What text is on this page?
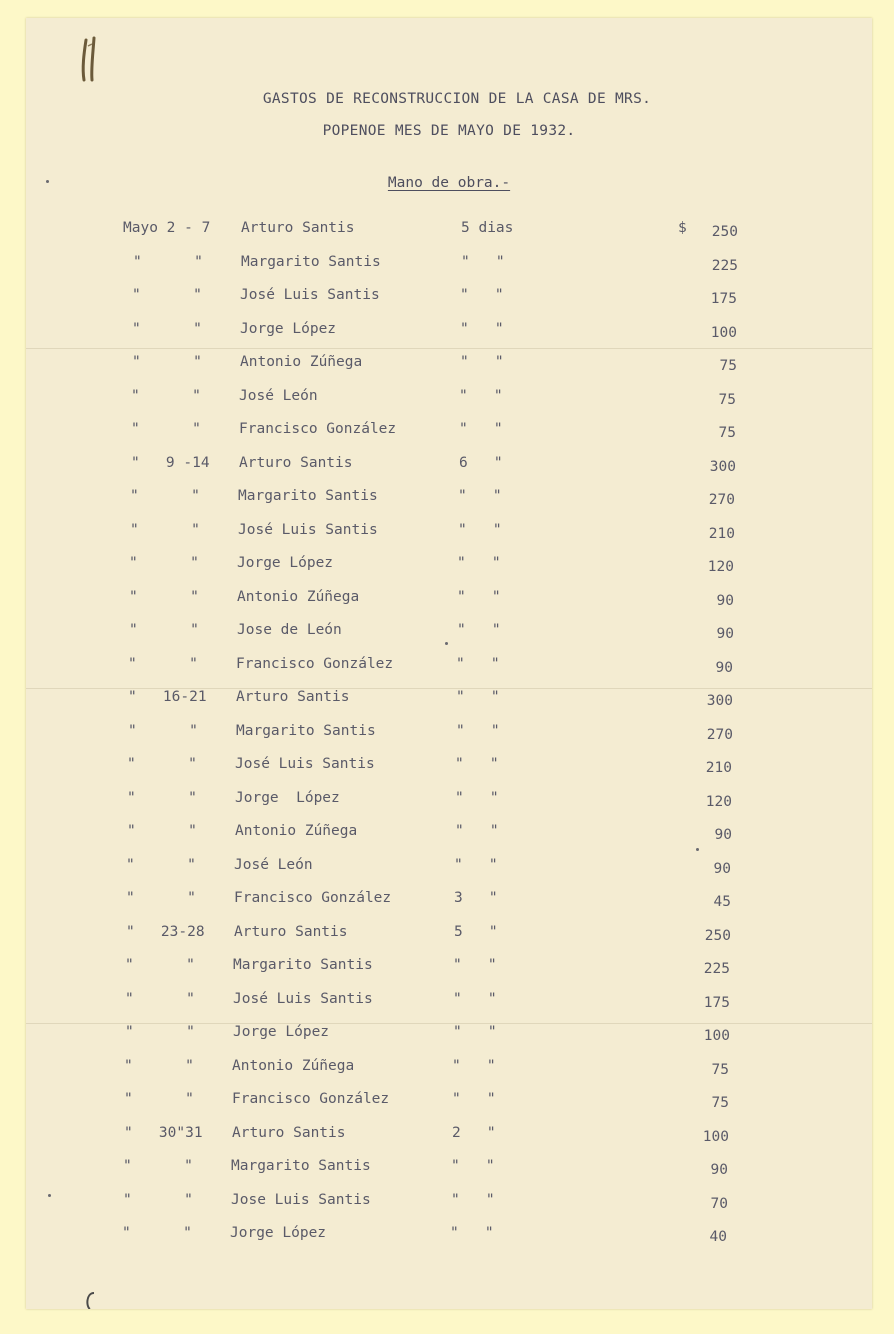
GASTOS DE RECONSTRUCCION DE LA CASA DE MRS.
POPENOE MES DE MAYO DE 1932.
Mano de obra.-
Mayo 2 - 7	Arturo Santis	5 dias	$	250
"      "	Margarito Santis	"   "	225
"      "	José Luis Santis	"   "	175
"      "	Jorge López	"   "	100
"      "	Antonio Zúñega	"   "	75
"      "	José León	"   "	75
"      "	Francisco González	"   "	75
"   9 -14	Arturo Santis	6   "	300
"      "	Margarito Santis	"   "	270
"      "	José Luis Santis	"   "	210
"      "	Jorge López	"   "	120
"      "	Antonio Zúñega	"   "	90
"      "	Jose de León	"   "	90
"      "	Francisco González	"   "	90
"   16-21	Arturo Santis	"   "	300
"      "	Margarito Santis	"   "	270
"      "	José Luis Santis	"   "	210
"      "	Jorge  López	"   "	120
"      "	Antonio Zúñega	"   "	90
"      "	José León	"   "	90
"      "	Francisco González	3   "	45
"   23-28	Arturo Santis	5   "	250
"      "	Margarito Santis	"   "	225
"      "	José Luis Santis	"   "	175
"      "	Jorge López	"   "	100
"      "	Antonio Zúñega	"   "	75
"      "	Francisco González	"   "	75
"   30"31	Arturo Santis	2   "	100
"      "	Margarito Santis	"   "	90
"      "	Jose Luis Santis	"   "	70
"      "	Jorge López	"   "	40
